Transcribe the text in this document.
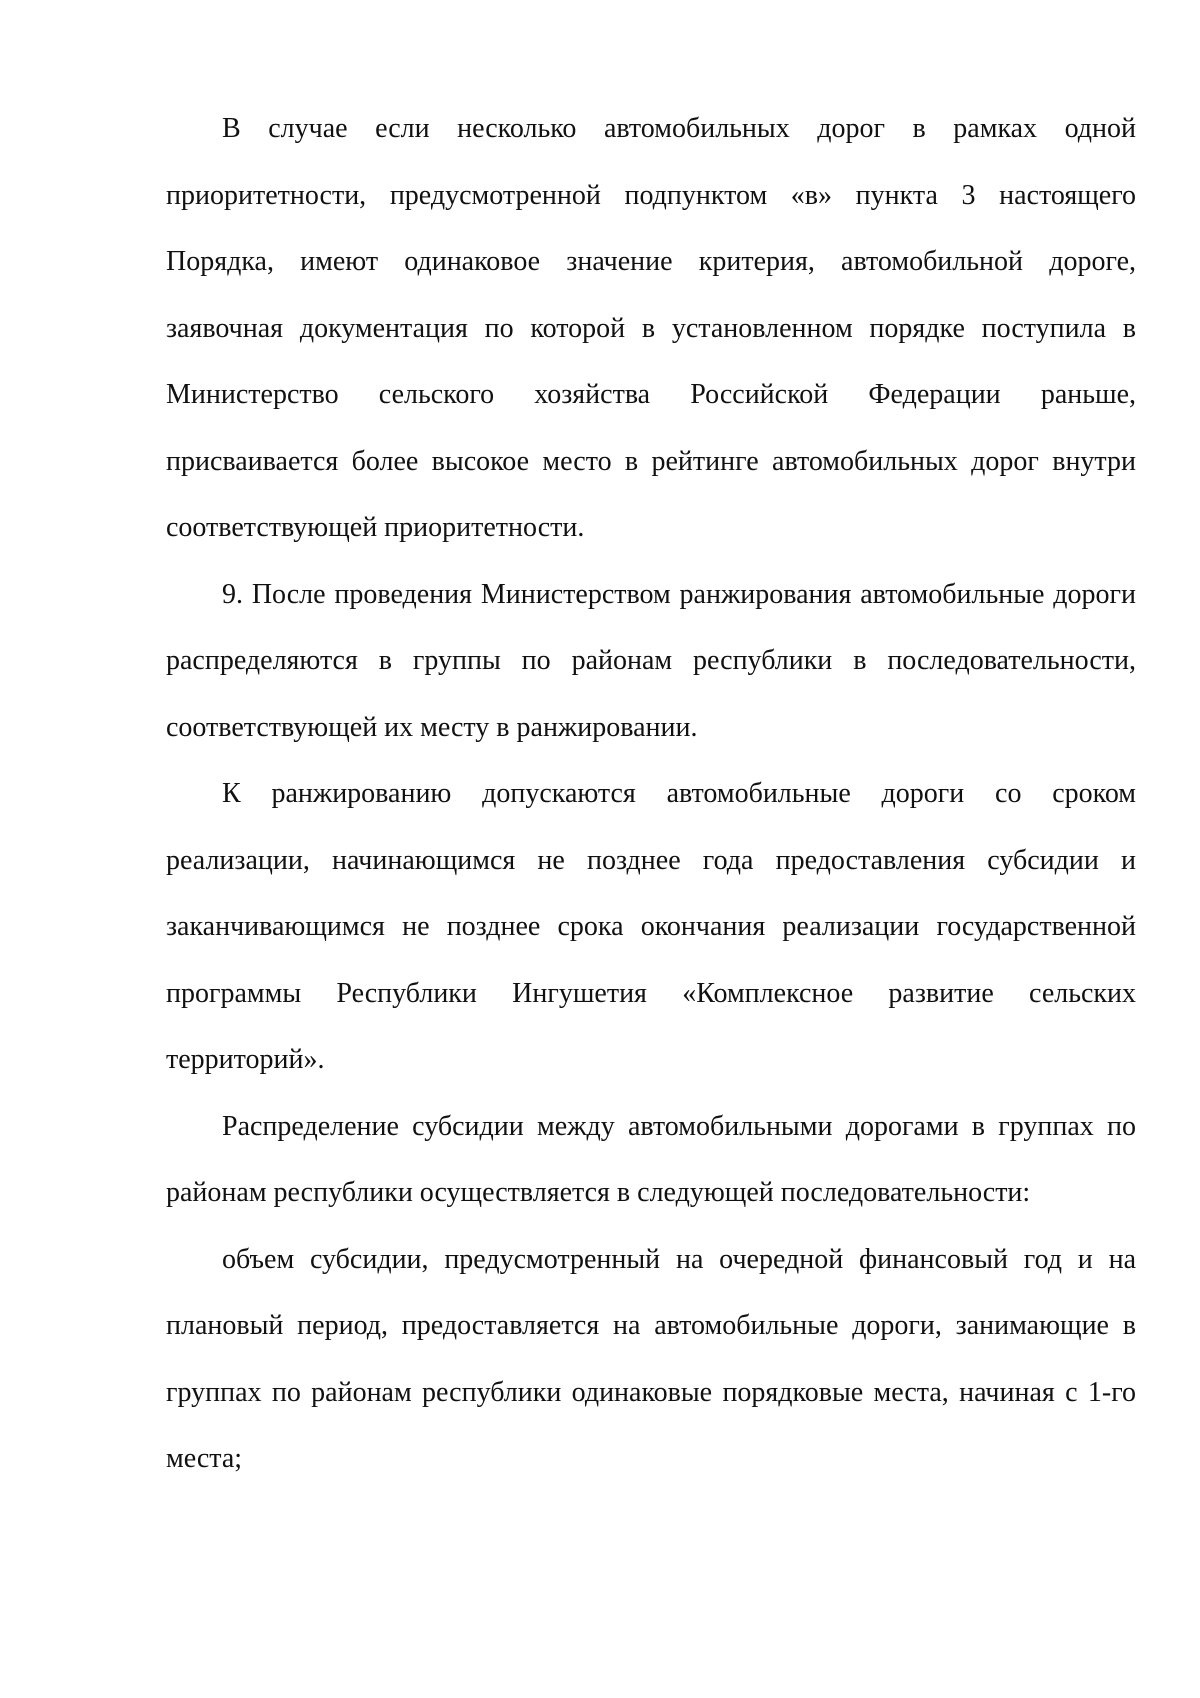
В случае если несколько автомобильных дорог в рамках одной приоритетности, предусмотренной подпунктом «в» пункта 3 настоящего Порядка, имеют одинаковое значение критерия, автомобильной дороге, заявочная документация по которой в установленном порядке поступила в Министерство сельского хозяйства Российской Федерации раньше, присваивается более высокое место в рейтинге автомобильных дорог внутри соответствующей приоритетности.

9. После проведения Министерством ранжирования автомобильные дороги распределяются в группы по районам республики в последовательности, соответствующей их месту в ранжировании.

К ранжированию допускаются автомобильные дороги со сроком реализации, начинающимся не позднее года предоставления субсидии и заканчивающимся не позднее срока окончания реализации государственной программы Республики Ингушетия «Комплексное развитие сельских территорий».

Распределение субсидии между автомобильными дорогами в группах по районам республики осуществляется в следующей последовательности:

объем субсидии, предусмотренный на очередной финансовый год и на плановый период, предоставляется на автомобильные дороги, занимающие в группах по районам республики одинаковые порядковые места, начиная с 1-го места;
